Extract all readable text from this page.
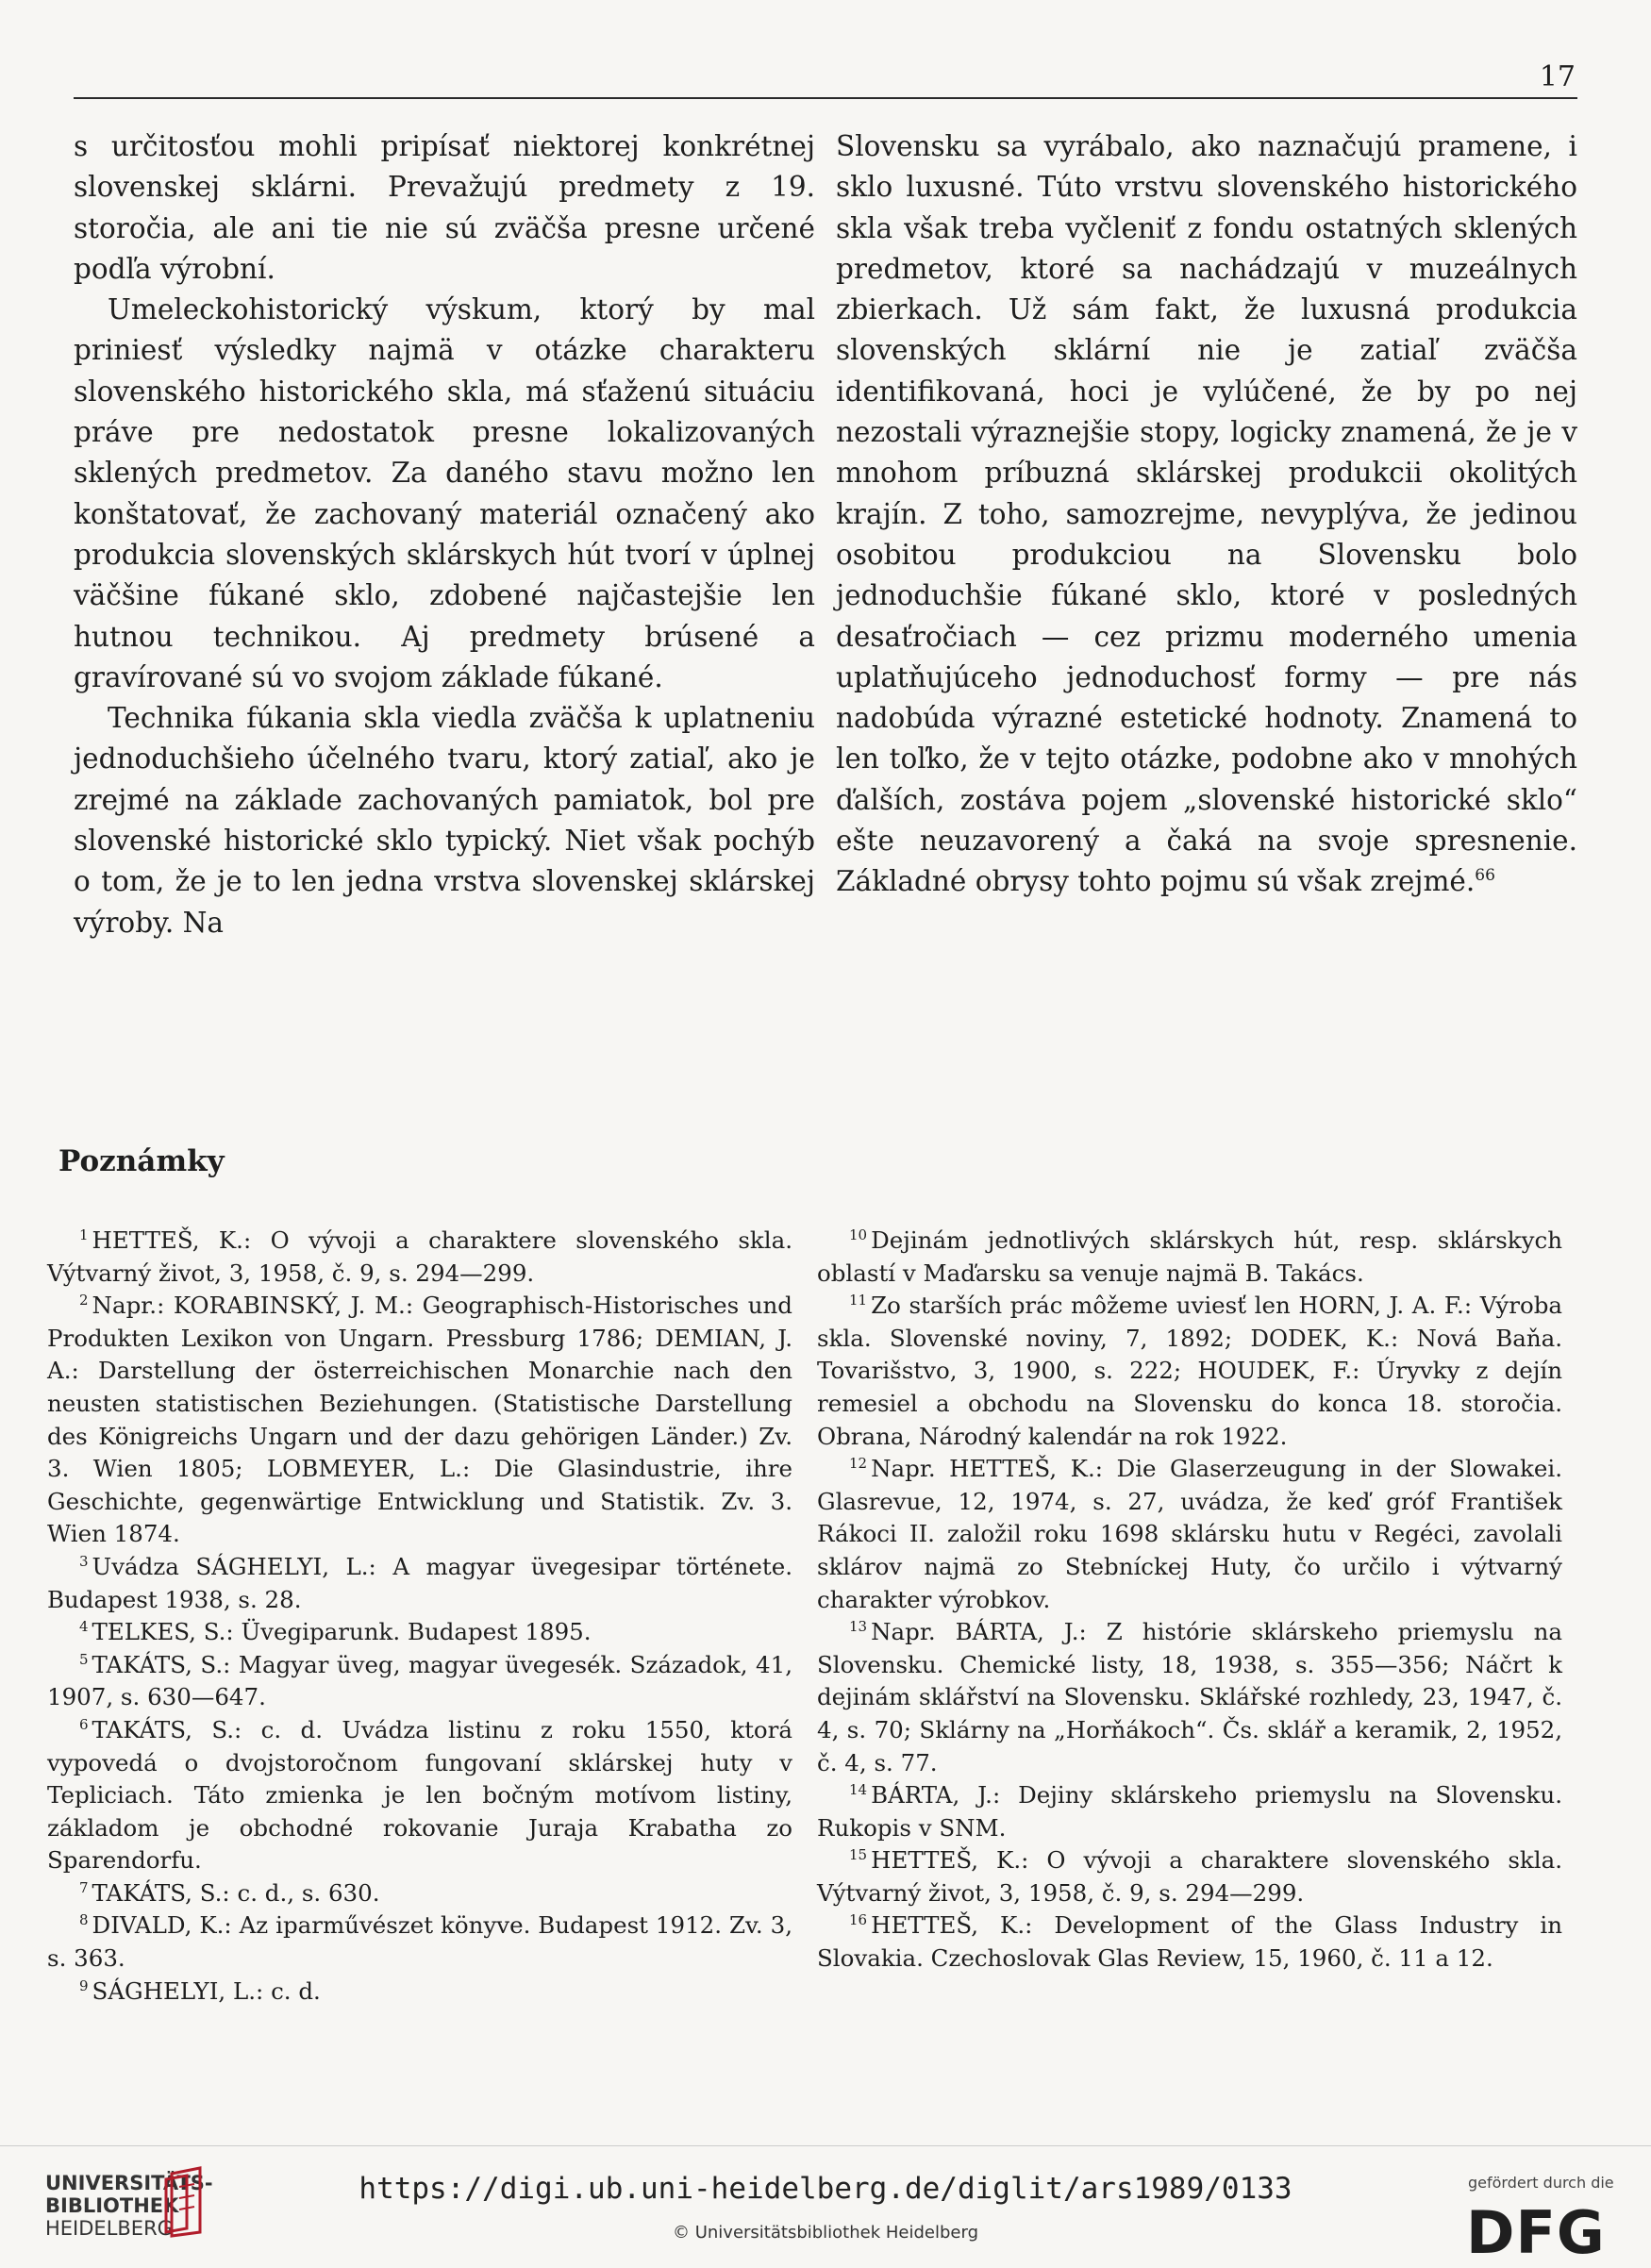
17

s určitosťou mohli pripísať niektorej konkrétnej slovenskej sklárni. Prevažujú predmety z 19. storočia, ale ani tie nie sú zväčša presne určené podľa výrobní.

Umeleckohistorický výskum, ktorý by mal priniesť výsledky najmä v otázke charakteru slovenského historického skla, má sťaženú situáciu práve pre nedostatok presne lokalizovaných sklených predmetov. Za daného stavu možno len konštatovať, že zachovaný materiál označený ako produkcia slovenských sklárskych hút tvorí v úplnej väčšine fúkané sklo, zdobené najčastejšie len hutnou technikou. Aj predmety brúsené a gravírované sú vo svojom základe fúkané.

Technika fúkania skla viedla zväčša k uplatneniu jednoduchšieho účelného tvaru, ktorý zatiaľ, ako je zrejmé na základe zachovaných pamiatok, bol pre slovenské historické sklo typický. Niet však pochýb o tom, že je to len jedna vrstva slovenskej sklárskej výroby. Na

Slovensku sa vyrábalo, ako naznačujú pramene, i sklo luxusné. Túto vrstvu slovenského historického skla však treba vyčleniť z fondu ostatných sklených predmetov, ktoré sa nachádzajú v muzeálnych zbierkach. Už sám fakt, že luxusná produkcia slovenských sklární nie je zatiaľ zväčša identifikovaná, hoci je vylúčené, že by po nej nezostali výraznejšie stopy, logicky znamená, že je v mnohom príbuzná sklárskej produkcii okolitých krajín. Z toho, samozrejme, nevyplýva, že jedinou osobitou produkciou na Slovensku bolo jednoduchšie fúkané sklo, ktoré v posledných desaťročiach — cez prizmu moderného umenia uplatňujúceho jednoduchosť formy — pre nás nadobúda výrazné estetické hodnoty. Znamená to len toľko, že v tejto otázke, podobne ako v mnohých ďalších, zostáva pojem „slovenské historické sklo“ ešte neuzavorený a čaká na svoje spresnenie. Základné obrysy tohto pojmu sú však zrejmé.$^{66}$

Poznámky
$^1$ HETTEŠ, K.: O vývoji a charaktere slovenského skla. Výtvarný život, 3, 1958, č. 9, s. 294—299.
$^2$ Napr.: KORABINSKÝ, J. M.: Geographisch-Historisches und Produkten Lexikon von Ungarn. Pressburg 1786; DEMIAN, J. A.: Darstellung der österreichischen Monarchie nach den neusten statistischen Beziehungen. (Statistische Darstellung des Königreichs Ungarn und der dazu gehörigen Länder.) Zv. 3. Wien 1805; LOBMEYER, L.: Die Glasindustrie, ihre Geschichte, gegenwärtige Entwicklung und Statistik. Zv. 3. Wien 1874.
$^3$ Uvádza SÁGHELYI, L.: A magyar üvegesipar története. Budapest 1938, s. 28.
$^4$ TELKES, S.: Üvegiparunk. Budapest 1895.
$^5$ TAKÁTS, S.: Magyar üveg, magyar üvegesék. Századok, 41, 1907, s. 630—647.
$^6$ TAKÁTS, S.: c. d. Uvádza listinu z roku 1550, ktorá vypovedá o dvojstoročnom fungovaní sklárskej huty v Tepliciach. Táto zmienka je len bočným motívom listiny, základom je obchodné rokovanie Juraja Krabatha zo Sparendorfu.
$^7$ TAKÁTS, S.: c. d., s. 630.
$^8$ DIVALD, K.: Az iparművészet könyve. Budapest 1912. Zv. 3, s. 363.
$^9$ SÁGHELYI, L.: c. d.
$^{10}$ Dejinám jednotlivých sklárskych hút, resp. sklárskych oblastí v Maďarsku sa venuje najmä B. Takács.
$^{11}$ Zo starších prác môžeme uviesť len HORN, J. A. F.: Výroba skla. Slovenské noviny, 7, 1892; DODEK, K.: Nová Baňa. Tovarišstvo, 3, 1900, s. 222; HOUDEK, F.: Úryvky z dejín remesiel a obchodu na Slovensku do konca 18. storočia. Obrana, Národný kalendár na rok 1922.
$^{12}$ Napr. HETTEŠ, K.: Die Glaserzeugung in der Slowakei. Glasrevue, 12, 1974, s. 27, uvádza, že keď gróf František Rákoci II. založil roku 1698 sklársku hutu v Regéci, zavolali sklárov najmä zo Stebníckej Huty, čo určilo i výtvarný charakter výrobkov.
$^{13}$ Napr. BÁRTA, J.: Z histórie sklárskeho priemyslu na Slovensku. Chemické listy, 18, 1938, s. 355—356; Náčrt k dejinám sklářství na Slovensku. Sklářské rozhledy, 23, 1947, č. 4, s. 70; Sklárny na „Horňákoch“. Čs. sklář a keramik, 2, 1952, č. 4, s. 77.
$^{14}$ BÁRTA, J.: Dejiny sklárskeho priemyslu na Slovensku. Rukopis v SNM.
$^{15}$ HETTEŠ, K.: O vývoji a charaktere slovenského skla. Výtvarný život, 3, 1958, č. 9, s. 294—299.
$^{16}$ HETTEŠ, K.: Development of the Glass Industry in Slovakia. Czechoslovak Glas Review, 15, 1960, č. 11 a 12.
UNIVERSITÄTS-
BIBLIOTHEK
HEIDELBERG
https://digi.ub.uni-heidelberg.de/diglit/ars1989/0133
© Universitätsbibliothek Heidelberg
gefördert durch die
DFG
